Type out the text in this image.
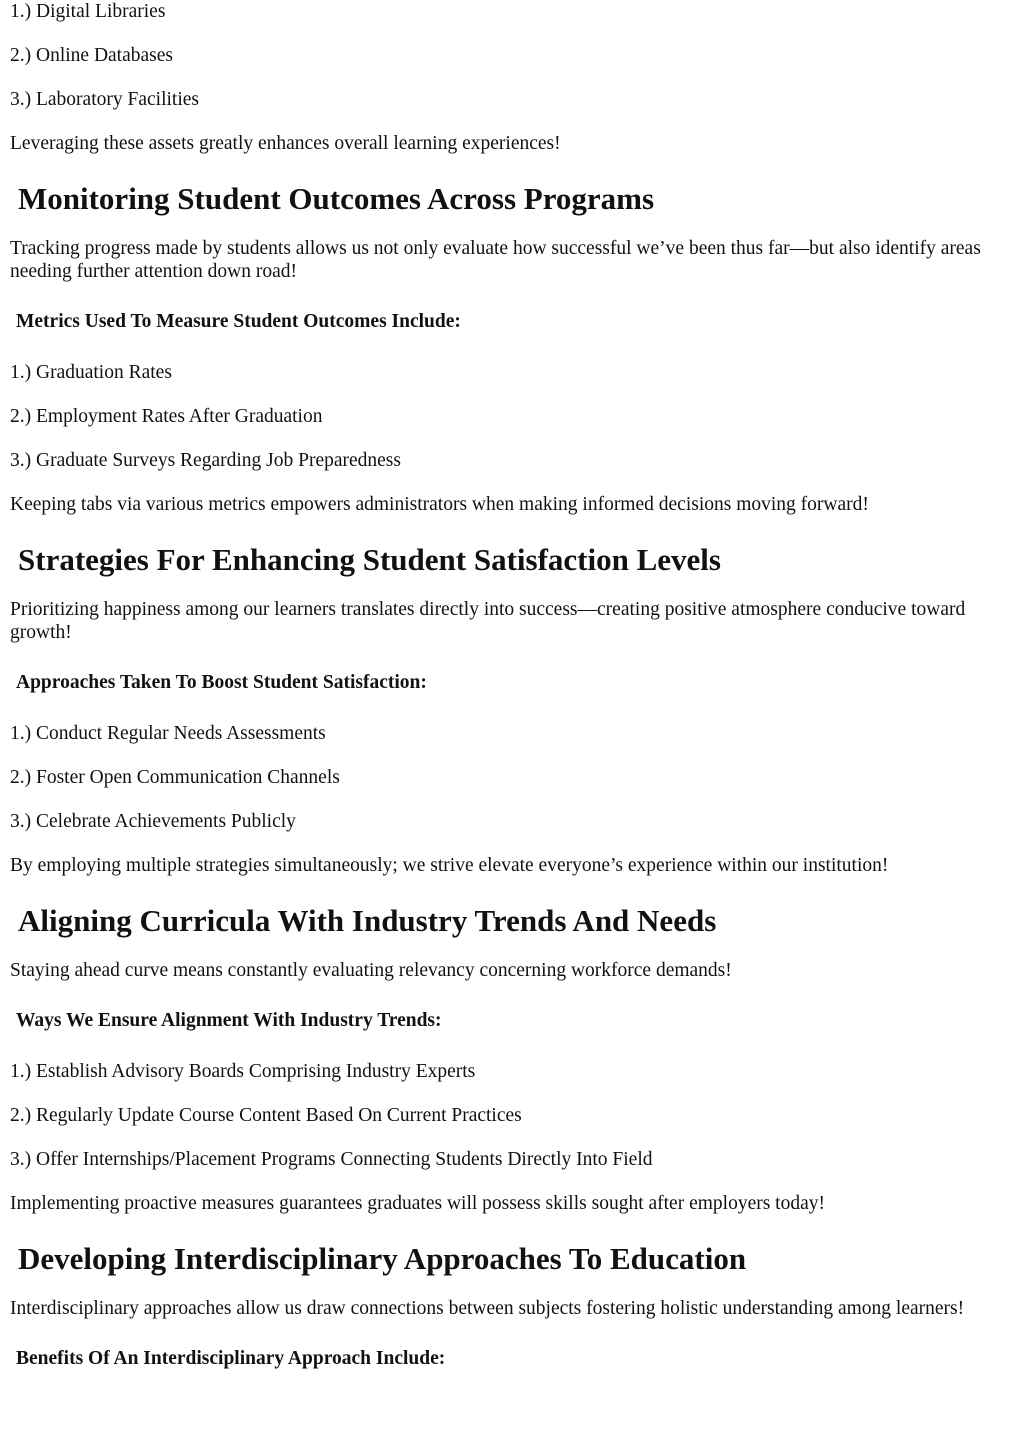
1.) Digital Libraries

2.) Online Databases

3.) Laboratory Facilities

Leveraging these assets greatly enhances overall learning experiences!

Monitoring Student Outcomes Across Programs

Tracking progress made by students allows us not only evaluate how successful we’ve been thus far—but also identify areas needing further attention down road!

Metrics Used To Measure Student Outcomes Include:

1.) Graduation Rates

2.) Employment Rates After Graduation

3.) Graduate Surveys Regarding Job Preparedness

Keeping tabs via various metrics empowers administrators when making informed decisions moving forward!

Strategies For Enhancing Student Satisfaction Levels

Prioritizing happiness among our learners translates directly into success—creating positive atmosphere conducive toward growth!

Approaches Taken To Boost Student Satisfaction:

1.) Conduct Regular Needs Assessments

2.) Foster Open Communication Channels

3.) Celebrate Achievements Publicly

By employing multiple strategies simultaneously; we strive elevate everyone’s experience within our institution!

Aligning Curricula With Industry Trends And Needs

Staying ahead curve means constantly evaluating relevancy concerning workforce demands!

Ways We Ensure Alignment With Industry Trends:

1.) Establish Advisory Boards Comprising Industry Experts

2.) Regularly Update Course Content Based On Current Practices

3.) Offer Internships/Placement Programs Connecting Students Directly Into Field

Implementing proactive measures guarantees graduates will possess skills sought after employers today!

Developing Interdisciplinary Approaches To Education

Interdisciplinary approaches allow us draw connections between subjects fostering holistic understanding among learners!

Benefits Of An Interdisciplinary Approach Include:
